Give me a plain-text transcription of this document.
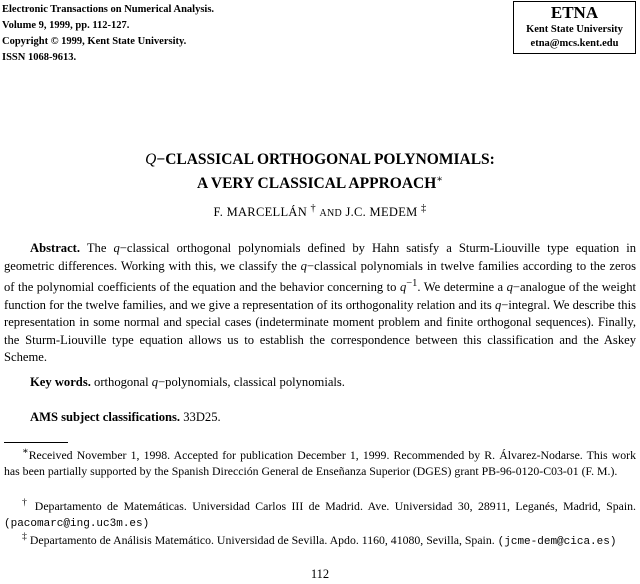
Electronic Transactions on Numerical Analysis.
Volume 9, 1999, pp. 112-127.
Copyright © 1999, Kent State University.
ISSN 1068-9613.
ETNA
Kent State University
etna@mcs.kent.edu
Q−CLASSICAL ORTHOGONAL POLYNOMIALS:
A VERY CLASSICAL APPROACH∗
F. MARCELLÁN † AND J.C. MEDEM ‡
Abstract. The q−classical orthogonal polynomials defined by Hahn satisfy a Sturm-Liouville type equation in geometric differences. Working with this, we classify the q−classical polynomials in twelve families according to the zeros of the polynomial coefficients of the equation and the behavior concerning to $q^{-1}$. We determine a q−analogue of the weight function for the twelve families, and we give a representation of its orthogonality relation and its q−integral. We describe this representation in some normal and special cases (indeterminate moment problem and finite orthogonal sequences). Finally, the Sturm-Liouville type equation allows us to establish the correspondence between this classification and the Askey Scheme.
Key words. orthogonal q−polynomials, classical polynomials.
AMS subject classifications. 33D25.
∗Received November 1, 1998. Accepted for publication December 1, 1999. Recommended by R. Álvarez-Nodarse. This work has been partially supported by the Spanish Dirección General de Enseñanza Superior (DGES) grant PB-96-0120-C03-01 (F. M.).
† Departamento de Matemáticas. Universidad Carlos III de Madrid. Ave. Universidad 30, 28911, Leganés, Madrid, Spain. (pacomarc@ing.uc3m.es)
‡ Departamento de Análisis Matemático. Universidad de Sevilla. Apdo. 1160, 41080, Sevilla, Spain. (jcme-dem@cica.es)
112
